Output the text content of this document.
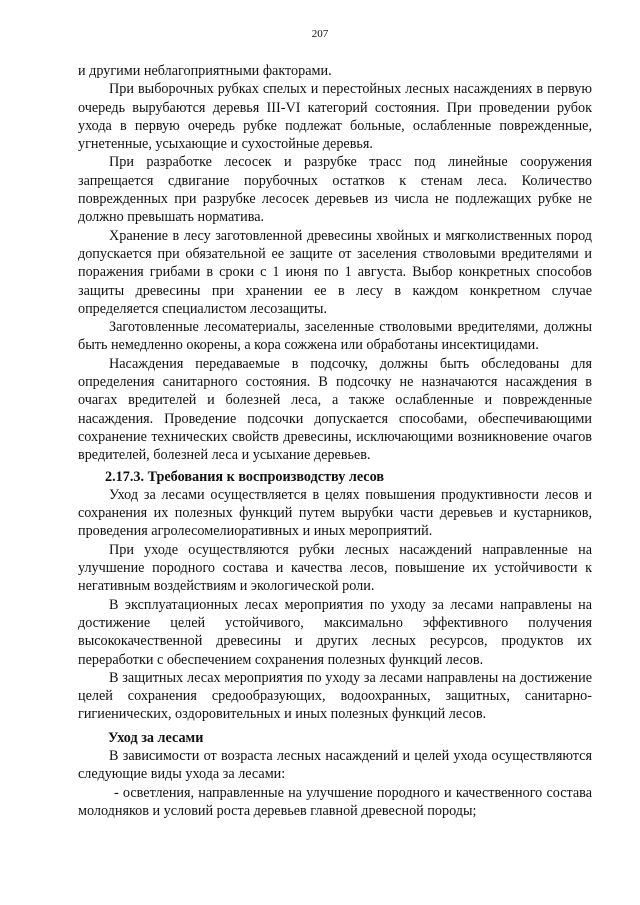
207

и другими неблагоприятными факторами.

При выборочных рубках спелых и перестойных лесных насаждениях в первую очередь вырубаются деревья III-VI категорий состояния. При проведении рубок ухода в первую очередь рубке подлежат больные, ослабленные поврежденные, угнетенные, усыхающие и сухостойные деревья.

При разработке лесосек и разрубке трасс под линейные сооружения запрещается сдвигание порубочных остатков к стенам леса. Количество поврежденных при разрубке лесосек деревьев из числа не подлежащих рубке не должно превышать норматива.

Хранение в лесу заготовленной древесины хвойных и мягколиственных пород допускается при обязательной ее защите от заселения стволовыми вредителями и поражения грибами в сроки с 1 июня по 1 августа. Выбор конкретных способов защиты древесины при хранении ее в лесу в каждом конкретном случае определяется специалистом лесозащиты.

Заготовленные лесоматериалы, заселенные стволовыми вредителями, должны быть немедленно окорены, а кора сожжена или обработаны инсектицидами.

Насаждения передаваемые в подсочку, должны быть обследованы для определения санитарного состояния. В подсочку не назначаются насаждения в очагах вредителей и болезней леса, а также ослабленные и поврежденные насаждения. Проведение подсочки допускается способами, обеспечивающими сохранение технических свойств древесины, исключающими возникновение очагов вредителей, болезней леса и усыхание деревьев.

2.17.3. Требования к воспроизводству лесов

Уход за лесами осуществляется в целях повышения продуктивности лесов и сохранения их полезных функций путем вырубки части деревьев и кустарников, проведения агролесомелиоративных и иных мероприятий.

При уходе осуществляются рубки лесных насаждений направленные на улучшение породного состава и качества лесов, повышение их устойчивости к негативным воздействиям и экологической роли.

В эксплуатационных лесах мероприятия по уходу за лесами направлены на достижение целей устойчивого, максимально эффективного получения высококачественной древесины и других лесных ресурсов, продуктов их переработки с обеспечением сохранения полезных функций лесов.

В защитных лесах мероприятия по уходу за лесами направлены на достижение целей сохранения средообразующих, водоохранных, защитных, санитарно-гигиенических, оздоровительных и иных полезных функций лесов.

Уход за лесами

В зависимости от возраста лесных насаждений и целей ухода осуществляются следующие виды ухода за лесами:

- осветления, направленные на улучшение породного и качественного состава молодняков и условий роста деревьев главной древесной породы;
